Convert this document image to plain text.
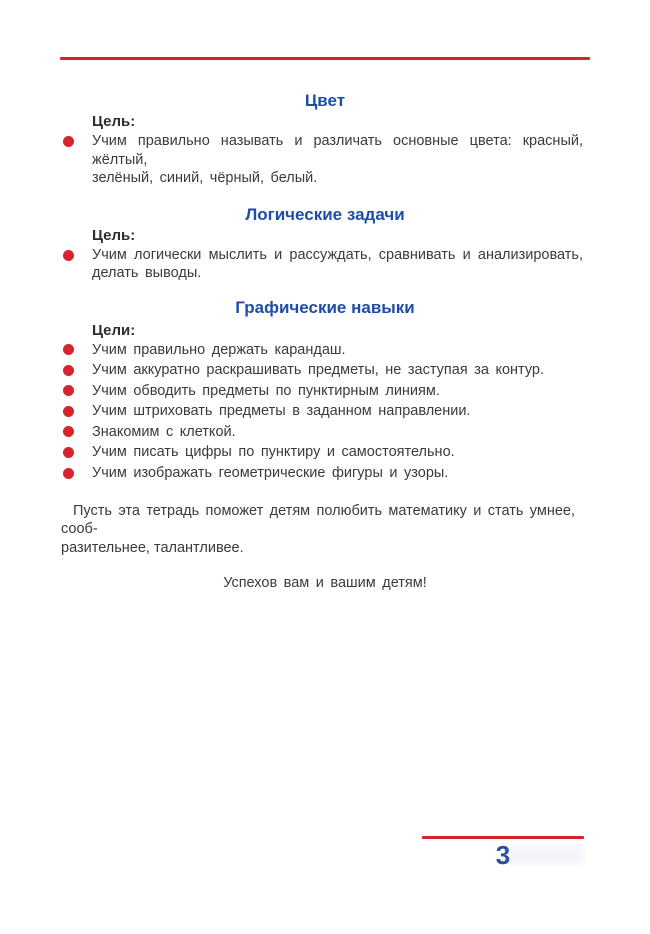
Цвет
Цель:
Учим правильно называть и различать основные цвета: красный, жёлтый,
зелёный, синий, чёрный, белый.
Логические задачи
Цель:
Учим логически мыслить и рассуждать, сравнивать и анализировать,
делать выводы.
Графические навыки
Цели:
Учим правильно держать карандаш.
Учим аккуратно раскрашивать предметы, не заступая за контур.
Учим обводить предметы по пунктирным линиям.
Учим штриховать предметы в заданном направлении.
Знакомим с клеткой.
Учим писать цифры по пунктиру и самостоятельно.
Учим изображать геометрические фигуры и узоры.
Пусть эта тетрадь поможет детям полюбить математику и стать умнее, сооб-
разительнее, талантливее.
Успехов вам и вашим детям!
3
